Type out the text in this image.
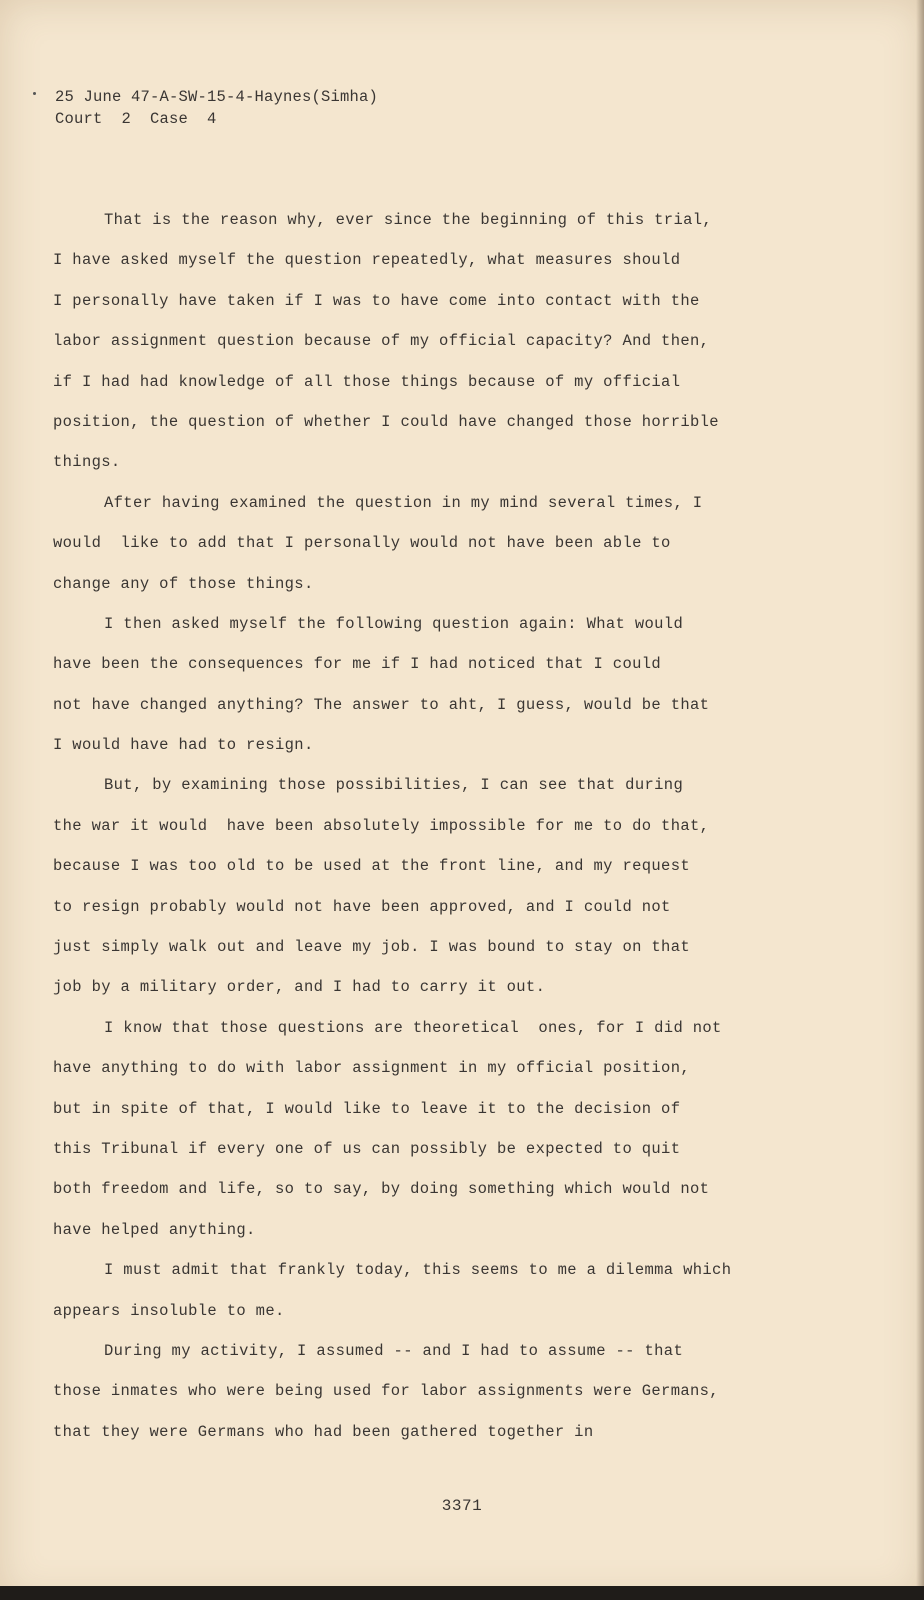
25 June 47-A-SW-15-4-Haynes(Simha)
Court  2  Case  4
That is the reason why, ever since the beginning of this trial,
I have asked myself the question repeatedly, what measures should
I personally have taken if I was to have come into contact with the
labor assignment question because of my official capacity? And then,
if I had had knowledge of all those things because of my official
position, the question of whether I could have changed those horrible
things.
After having examined the question in my mind several times, I
would  like to add that I personally would not have been able to
change any of those things.
I then asked myself the following question again: What would
have been the consequences for me if I had noticed that I could
not have changed anything? The answer to aht, I guess, would be that
I would have had to resign.
But, by examining those possibilities, I can see that during
the war it would  have been absolutely impossible for me to do that,
because I was too old to be used at the front line, and my request
to resign probably would not have been approved, and I could not
just simply walk out and leave my job. I was bound to stay on that
job by a military order, and I had to carry it out.
I know that those questions are theoretical  ones, for I did not
have anything to do with labor assignment in my official position,
but in spite of that, I would like to leave it to the decision of
this Tribunal if every one of us can possibly be expected to quit
both freedom and life, so to say, by doing something which would not
have helped anything.
I must admit that frankly today, this seems to me a dilemma which
appears insoluble to me.
During my activity, I assumed -- and I had to assume -- that
those inmates who were being used for labor assignments were Germans,
that they were Germans who had been gathered together in
3371
